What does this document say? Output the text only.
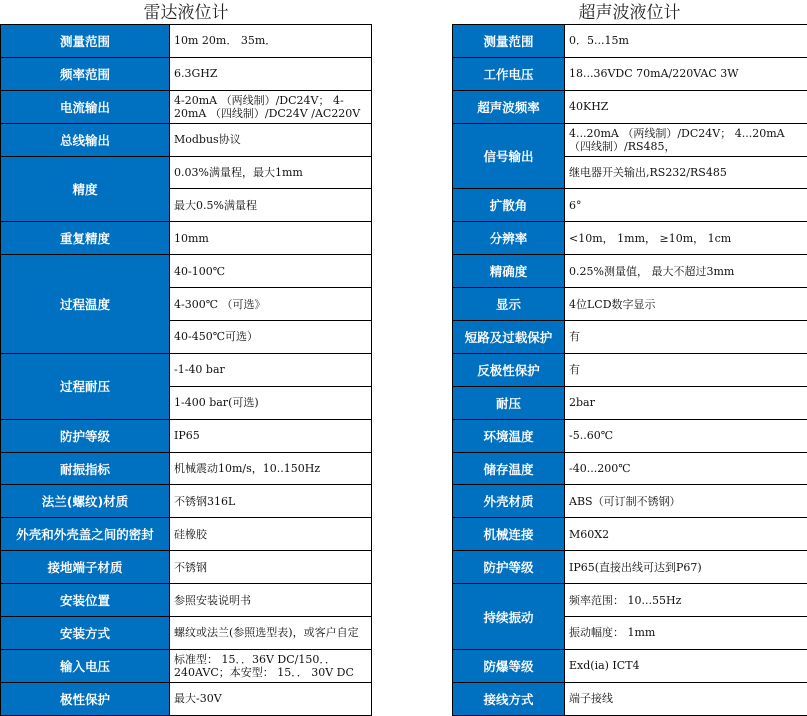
雷达液位计	超声波液位计
测量范围	10m 20m． 35m．
频率范围	6.3GHZ
电流输出	4-20mA （两线制）/DC24V； 4-20mA （四线制）/DC24V /AC220V
总线输出	Modbus协议
精度	0.03%满量程，最大1mm
	最大0.5%满量程
重复精度	10mm
过程温度	40-100℃
	4-300℃ （可选》
	40-450℃可选）
过程耐压	-1-40 bar
	1-400 bar(可选)
防护等级	IP65
耐振指标	机械震动10m/s，10..150Hz
法兰(螺纹)材质	不锈钢316L
外壳和外壳盖之间的密封	硅橡胶
接地端子材质	不锈钢
安装位置	参照安装说明书
安装方式	螺纹或法兰(参照选型表)，或客户自定
输入电压	标准型： 15．．36V DC/150．．240AVC；本安型： 15．． 30V DC
极性保护	最大-30V
测量范围	0．5...15m
工作电压	18...36VDC 70mA/220VAC 3W
超声波频率	40KHZ
信号输出	4...20mA （两线制）/DC24V； 4...20mA （四线制）/RS485，
	继电器开关输出,RS232/RS485
扩散角	6°
分辨率	<10m， 1mm， ≥10m， 1cm
精确度	0.25%测量值， 最大不超过3mm
显示	4位LCD数字显示
短路及过载保护	有
反极性保护	有
耐压	2bar
环境温度	-5..60℃
储存温度	-40...200℃
外壳材质	ABS（可订制不锈钢）
机械连接	M60X2
防护等级	IP65(直接出线可达到P67)
持续振动	频率范围： 10...55Hz
	振动幅度： 1mm
防爆等级	Exd(ia) ICT4
接线方式	端子接线
